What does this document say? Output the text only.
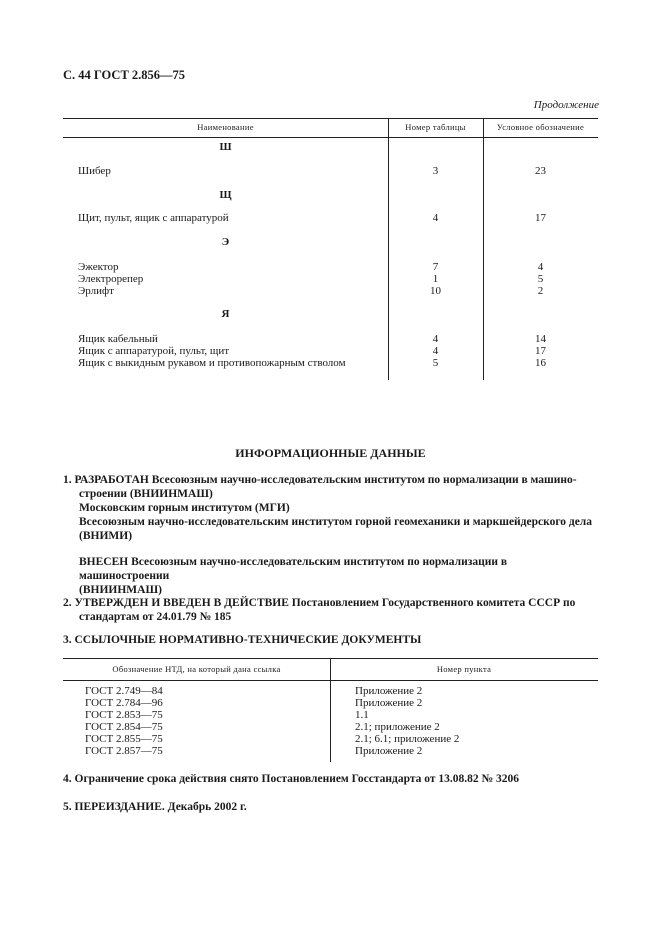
С. 44 ГОСТ 2.856—75
Продолжение
Наименование	Номер таблицы	Условное обозначение
Ш
Шибер	3	23
Щ
Щит, пульт, ящик с аппаратурой	4	17
Э
Эжектор	7	4
Электрорепер	1	5
Эрлифт	10	2
Я
Ящик кабельный	4	14
Ящик с аппаратурой, пульт, щит	4	17
Ящик с выкидным рукавом и противопожарным стволом	5	16
ИНФОРМАЦИОННЫЕ ДАННЫЕ
1. РАЗРАБОТАН Всесоюзным научно-исследовательским институтом по нормализации в машино-
строении (ВНИИНМАШ)
Московским горным институтом (МГИ)
Всесоюзным научно-исследовательским институтом горной геомеханики и маркшейдерского дела
(ВНИМИ)
ВНЕСЕН Всесоюзным научно-исследовательским институтом по нормализации в машиностроении
(ВНИИНМАШ)
2. УТВЕРЖДЕН И ВВЕДЕН В ДЕЙСТВИЕ Постановлением Государственного комитета СССР по
стандартам от 24.01.79 № 185
3. ССЫЛОЧНЫЕ НОРМАТИВНО-ТЕХНИЧЕСКИЕ ДОКУМЕНТЫ
Обозначение НТД, на который дана ссылка	Номер пункта
ГОСТ 2.749—84	Приложение 2
ГОСТ 2.784—96	Приложение 2
ГОСТ 2.853—75	1.1
ГОСТ 2.854—75	2.1; приложение 2
ГОСТ 2.855—75	2.1; 6.1; приложение 2
ГОСТ 2.857—75	Приложение 2
4. Ограничение срока действия снято Постановлением Госстандарта от 13.08.82 № 3206
5. ПЕРЕИЗДАНИЕ. Декабрь 2002 г.
